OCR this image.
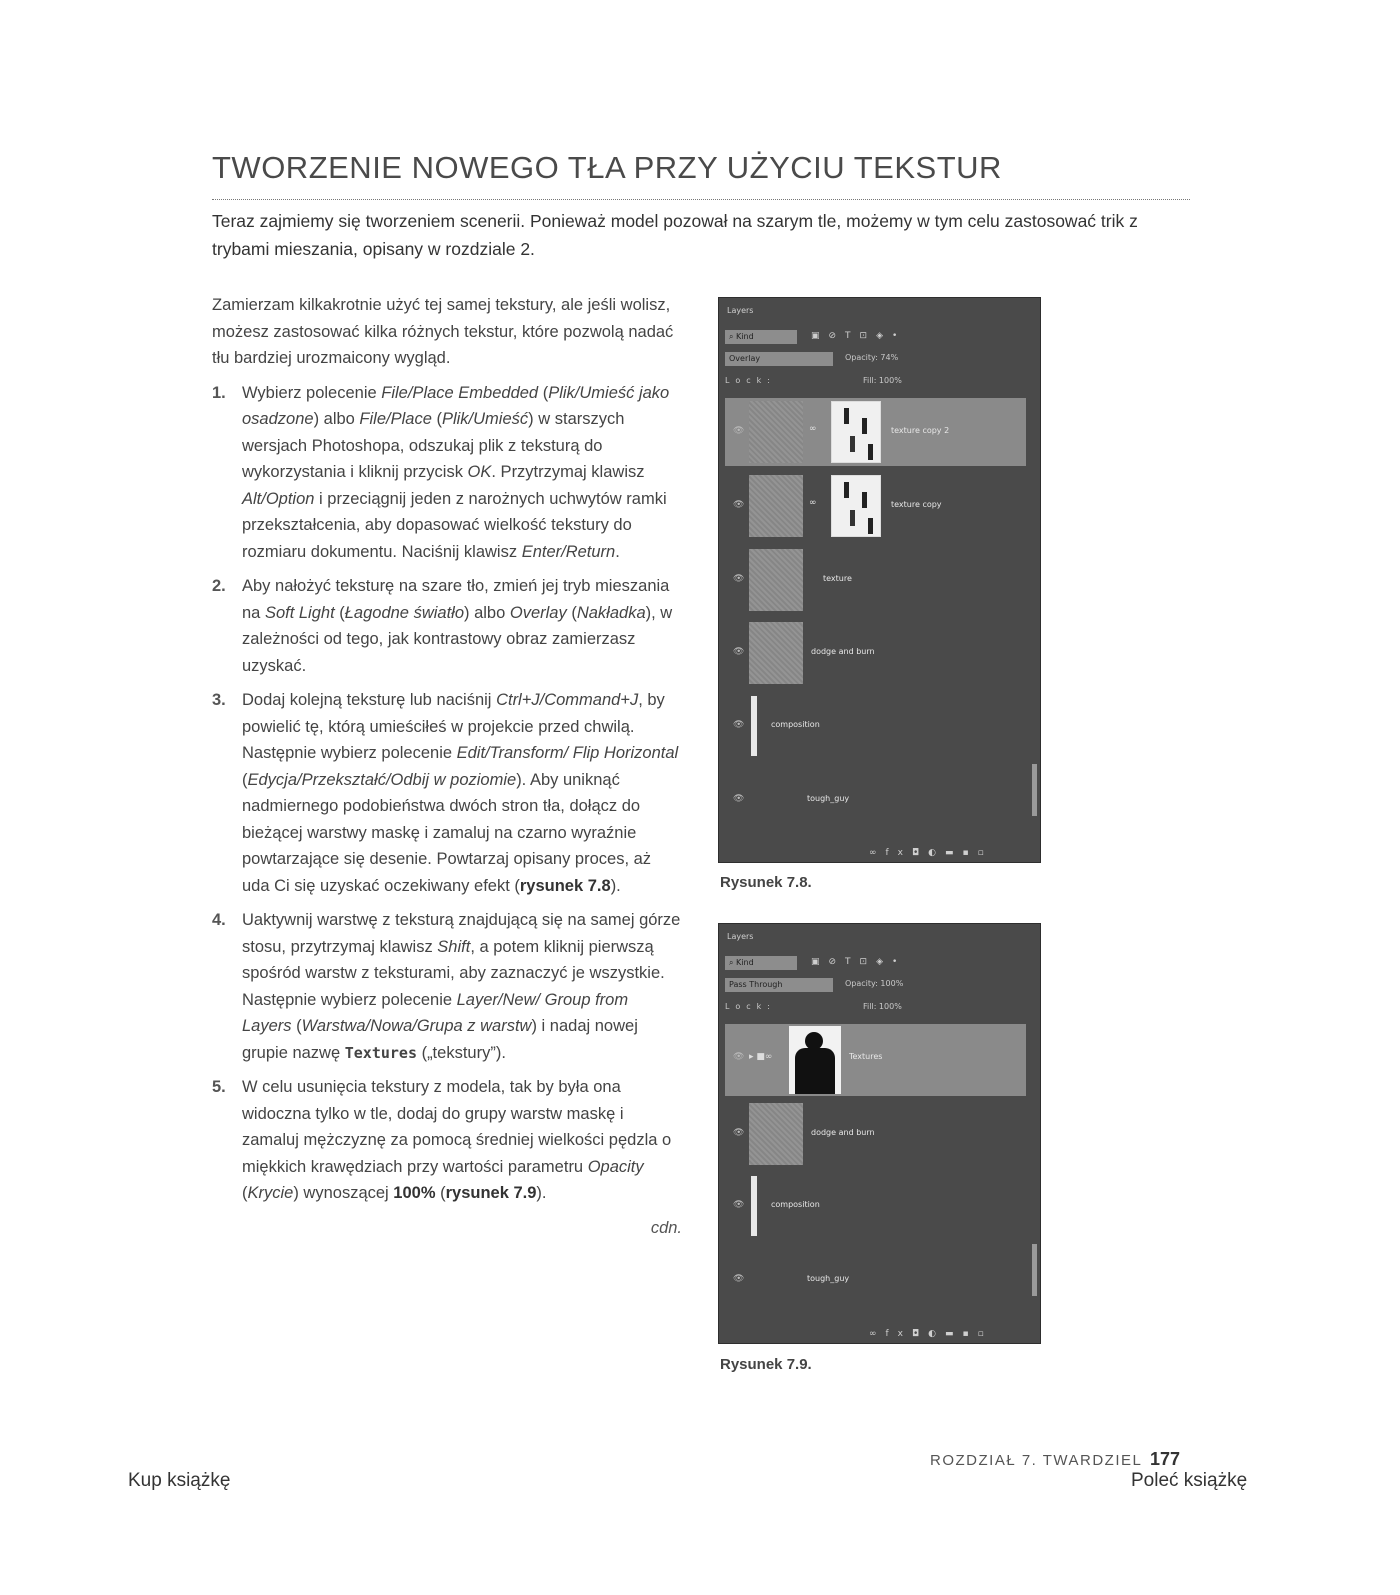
TWORZENIE NOWEGO TŁA PRZY UŻYCIU TEKSTUR

Teraz zajmiemy się tworzeniem scenerii. Ponieważ model pozował na szarym tle, możemy w tym celu zastosować trik z trybami mieszania, opisany w rozdziale 2.

Zamierzam kilkakrotnie użyć tej samej tekstury, ale jeśli wolisz, możesz zastosować kilka różnych tekstur, które pozwolą nadać tłu bardziej urozmaicony wygląd.

1. Wybierz polecenie File/Place Embedded (Plik/Umieść jako osadzone) albo File/Place (Plik/Umieść) w starszych wersjach Photoshopa, odszukaj plik z teksturą do wykorzystania i kliknij przycisk OK. Przytrzymaj klawisz Alt/Option i przeciągnij jeden z narożnych uchwytów ramki przekształcenia, aby dopasować wielkość tekstury do rozmiaru dokumentu. Naciśnij klawisz Enter/Return.
2. Aby nałożyć teksturę na szare tło, zmień jej tryb mieszania na Soft Light (Łagodne światło) albo Overlay (Nakładka), w zależności od tego, jak kontrastowy obraz zamierzasz uzyskać.
3. Dodaj kolejną teksturę lub naciśnij Ctrl+J/Command+J, by powielić tę, którą umieściłeś w projekcie przed chwilą. Następnie wybierz polecenie Edit/Transform/ Flip Horizontal (Edycja/Przekształć/Odbij w poziomie). Aby uniknąć nadmiernego podobieństwa dwóch stron tła, dołącz do bieżącej warstwy maskę i zamaluj na czarno wyraźnie powtarzające się desenie. Powtarzaj opisany proces, aż uda Ci się uzyskać oczekiwany efekt (rysunek 7.8).
4. Uaktywnij warstwę z teksturą znajdującą się na samej górze stosu, przytrzymaj klawisz Shift, a potem kliknij pierwszą spośród warstw z teksturami, aby zaznaczyć je wszystkie. Następnie wybierz polecenie Layer/New/ Group from Layers (Warstwa/Nowa/Grupa z warstw) i nadaj nowej grupie nazwę Textures („tekstury”).
5. W celu usunięcia tekstury z modela, tak by była ona widoczna tylko w tle, dodaj do grupy warstw maskę i zamaluj mężczyznę za pomocą średniej wielkości pędzla o miękkich krawędziach przy wartości parametru Opacity (Krycie) wynoszącej 100% (rysunek 7.9).
cdn.
Layers
⌕ Kind	▣⊘T⊡◈•
Overlay	Opacity: 74%
Lock:	Fill: 100%
👁	∞	texture copy 2
👁	∞	texture copy
👁	texture
👁	dodge and burn
👁	composition
👁	tough_guy
∞fx◘◐▬▪▫
Rysunek 7.8.
Layers
⌕ Kind	▣⊘T⊡◈•
Pass Through	Opacity: 100%
Lock:	Fill: 100%
👁 ▸ ■∞	Textures
👁	dodge and burn
👁	composition
👁	tough_guy
∞fx◘◐▬▪▫
Rysunek 7.9.
ROZDZIAŁ 7. TWARDZIEL 177
Kup książkę	Poleć książkę
